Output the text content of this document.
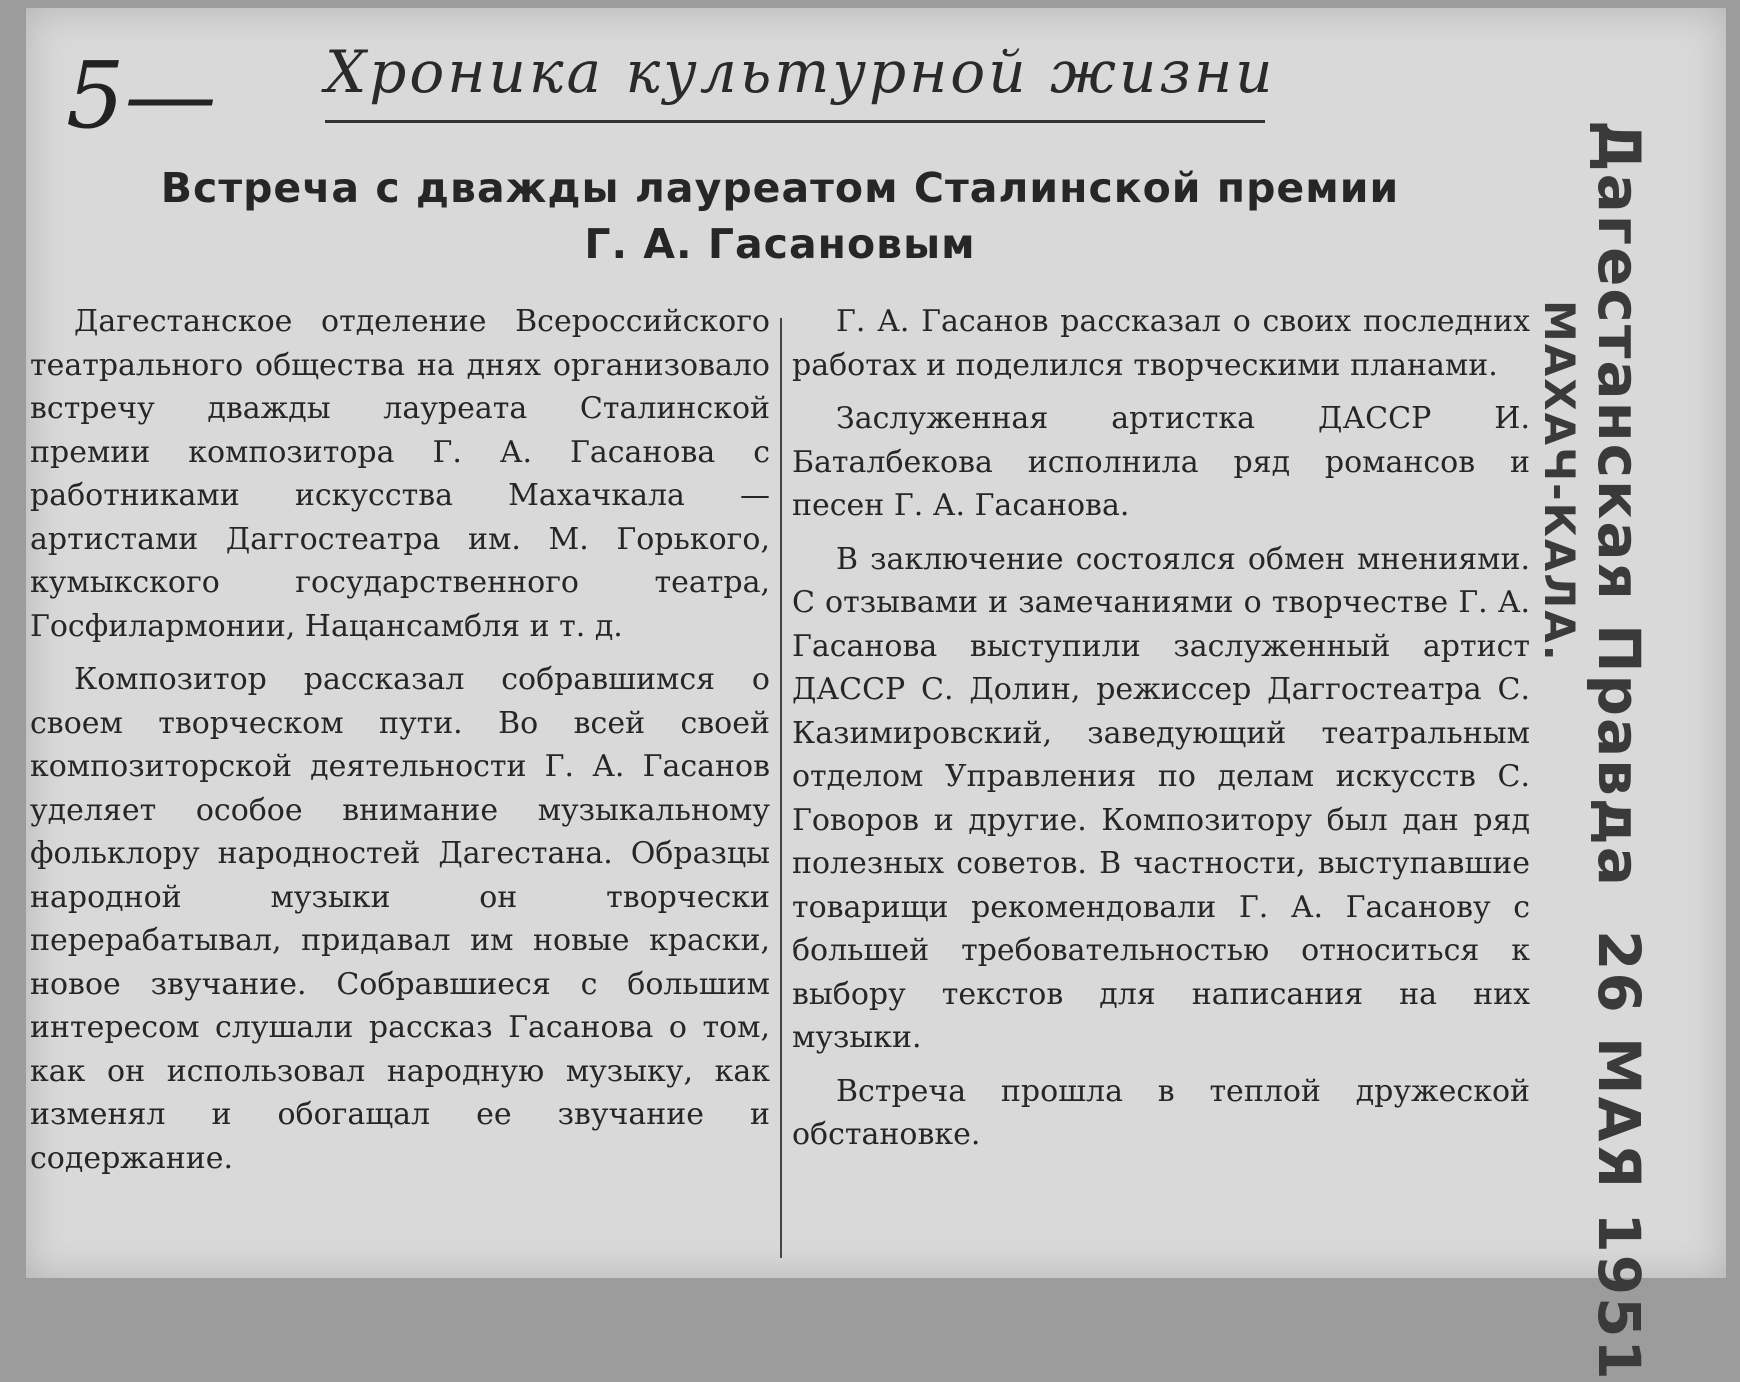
5— Хроника культурной жизни
Встреча с дважды лауреатом Сталинской премии
Г. А. Гасановым

Дагестанское отделение Всероссийского театрального общества на днях организовало встречу дважды лауреата Сталинской премии композитора Г. А. Гасанова с работниками искусства Махачкала — артистами Даггостеатра им. М. Горького, кумыкского государственного театра, Госфилармонии, Нацансамбля и т. д.

Композитор рассказал собравшимся о своем творческом пути. Во всей своей композиторской деятельности Г. А. Гасанов уделяет особое внимание музыкальному фольклору народностей Дагестана. Образцы народной музыки он творчески перерабатывал, придавал им новые краски, новое звучание. Собравшиеся с большим интересом слушали рассказ Гасанова о том, как он использовал народную музыку, как изменял и обогащал ее звучание и содержание.

Г. А. Гасанов рассказал о своих последних работах и поделился творческими планами.

Заслуженная артистка ДАССР И. Баталбекова исполнила ряд романсов и песен Г. А. Гасанова.

В заключение состоялся обмен мнениями. С отзывами и замечаниями о творчестве Г. А. Гасанова выступили заслуженный артист ДАССР С. Долин, режиссер Даггостеатра С. Казимировский, заведующий театральным отделом Управления по делам искусств С. Говоров и другие. Композитору был дан ряд полезных советов. В частности, выступавшие товарищи рекомендовали Г. А. Гасанову с большей требовательностью относиться к выбору текстов для написания на них музыки.

Встреча прошла в теплой дружеской обстановке.

Дагестанская Правда 26 МАЯ 1951
МАХАЧ-КАЛА.
